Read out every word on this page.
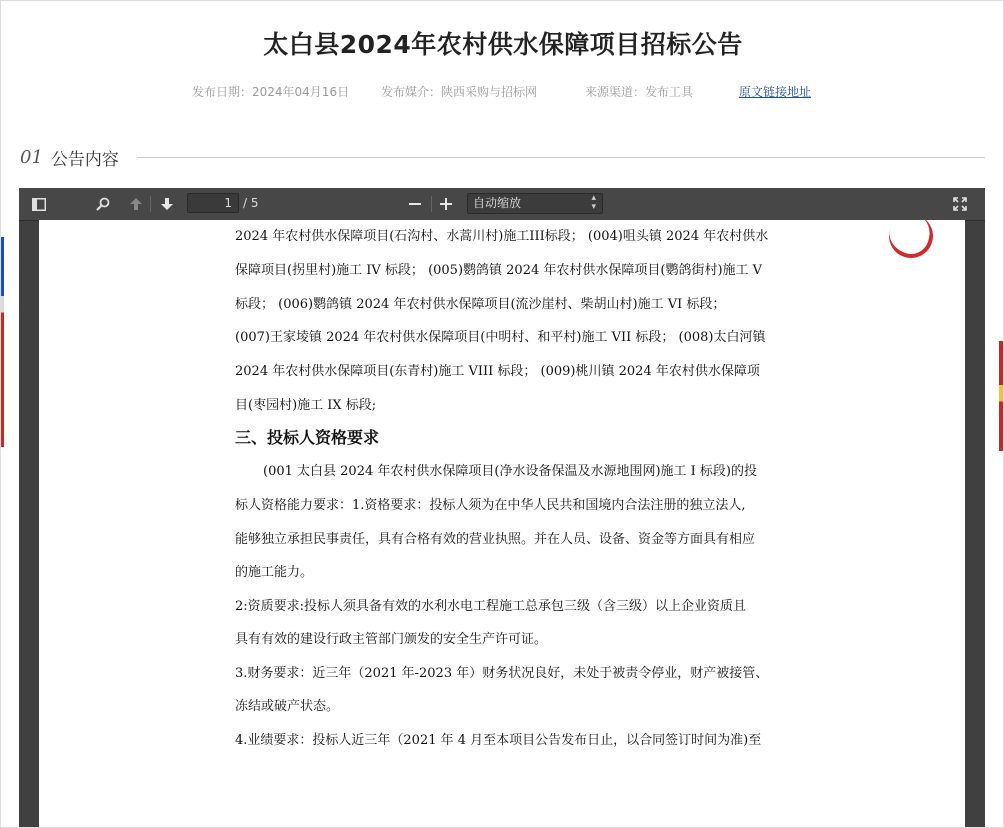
太白县2024年农村供水保障项目招标公告
发布日期：2024年04月16日	发布媒介：陕西采购与招标网	来源渠道：发布工具	原文链接地址
01 公告内容
1 / 5	自动缩放	▴
▾
2024 年农村供水保障项目(石沟村、水蒿川村)施工III标段； (004)咀头镇 2024 年农村供水
保障项目(拐里村)施工 IV 标段； (005)鹦鸽镇 2024 年农村供水保障项目(鹦鸽街村)施工 V
标段； (006)鹦鸽镇 2024 年农村供水保障项目(流沙崖村、柴胡山村)施工 VI 标段；
(007)王家堎镇 2024 年农村供水保障项目(中明村、和平村)施工 VII 标段； (008)太白河镇
2024 年农村供水保障项目(东青村)施工 VIII 标段； (009)桃川镇 2024 年农村供水保障项
目(枣园村)施工 IX 标段;
三、投标人资格要求
(001 太白县 2024 年农村供水保障项目(净水设备保温及水源地围网)施工 I 标段)的投
标人资格能力要求：1.资格要求：投标人须为在中华人民共和国境内合法注册的独立法人,
能够独立承担民事责任，具有合格有效的营业执照。并在人员、设备、资金等方面具有相应
的施工能力。
2:资质要求:投标人须具备有效的水利水电工程施工总承包三级（含三级）以上企业资质且
具有有效的建设行政主管部门颁发的安全生产许可证。
3.财务要求：近三年（2021 年-2023 年）财务状况良好，未处于被责令停业，财产被接管、
冻结或破产状态。
4.业绩要求：投标人近三年（2021 年 4 月至本项目公告发布日止，以合同签订时间为准)至
